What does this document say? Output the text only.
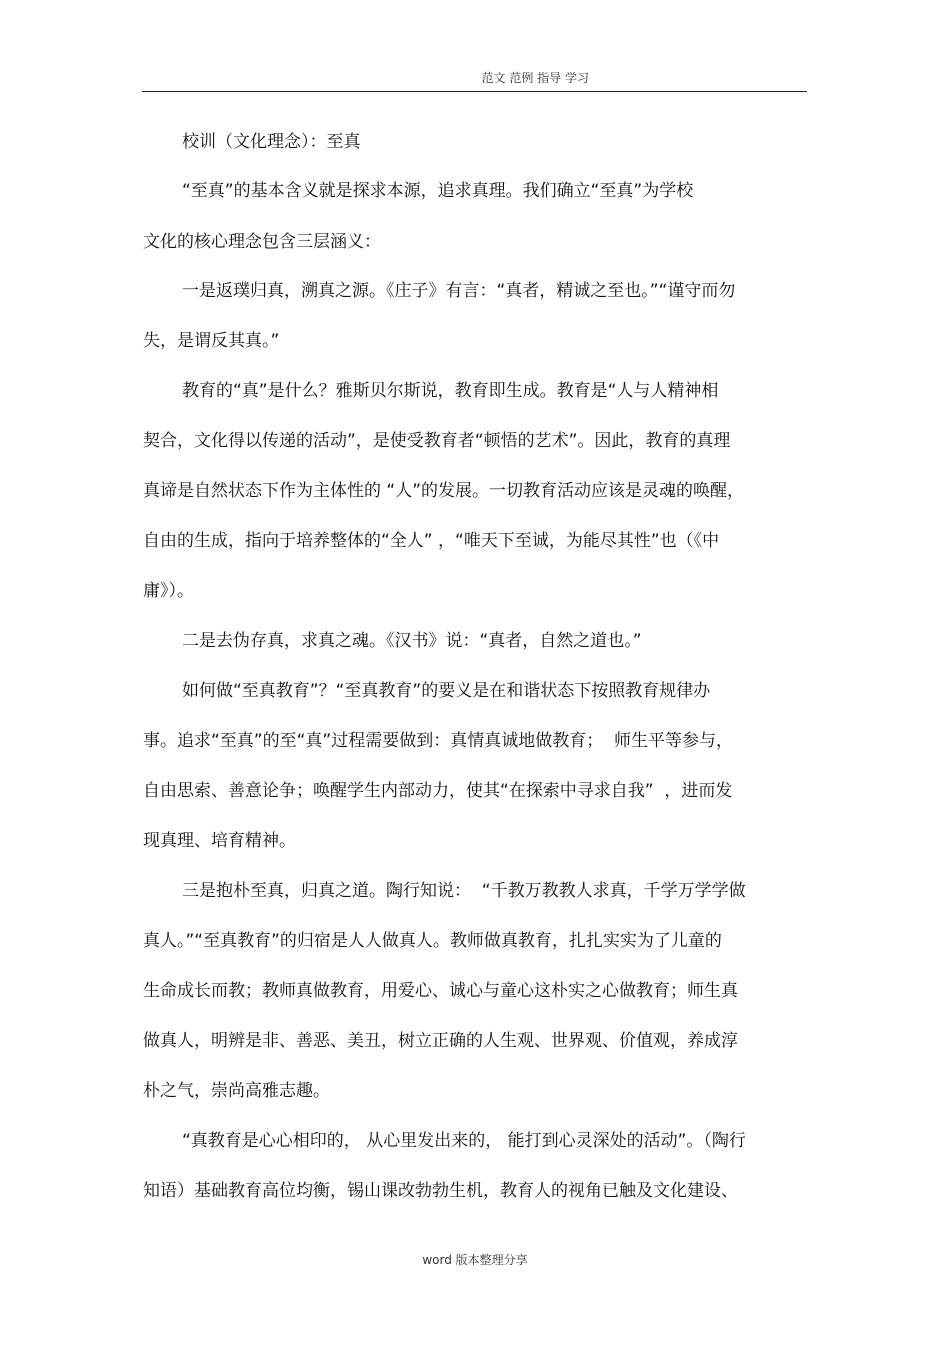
范文 范例 指导 学习
校训（文化理念）：至真
“至真”的基本含义就是探求本源，追求真理。我们确立“至真”为学校
文化的核心理念包含三层涵义：
一是返璞归真，溯真之源。《庄子》有言：“真者，精诚之至也。”“谨守而勿
失，是谓反其真。”
教育的“真”是什么？雅斯贝尔斯说，教育即生成。教育是“人与人精神相
契合，文化得以传递的活动”，是使受教育者“顿悟的艺术”。因此，教育的真理
真谛是自然状态下作为主体性的 “人”的发展。一切教育活动应该是灵魂的唤醒，
自由的生成，指向于培养整体的“全人” ，“唯天下至诚，为能尽其性”也（《中
庸》）。
二是去伪存真，求真之魂。《汉书》说：“真者，自然之道也。”
如何做“至真教育”？“至真教育”的要义是在和谐状态下按照教育规律办
事。追求“至真”的至“真”过程需要做到：真情真诚地做教育；  师生平等参与，
自由思索、善意论争；唤醒学生内部动力，使其“在探索中寻求自我”  ，进而发
现真理、培育精神。
三是抱朴至真，归真之道。陶行知说：  “千教万教教人求真，千学万学学做
真人。”“至真教育”的归宿是人人做真人。教师做真教育，扎扎实实为了儿童的
生命成长而教；教师真做教育，用爱心、诚心与童心这朴实之心做教育；师生真
做真人，明辨是非、善恶、美丑，树立正确的人生观、世界观、价值观，养成淳
朴之气，崇尚高雅志趣。
“真教育是心心相印的， 从心里发出来的， 能打到心灵深处的活动”。（陶行
知语）基础教育高位均衡，锡山课改勃勃生机，教育人的视角已触及文化建设、
word 版本整理分享
